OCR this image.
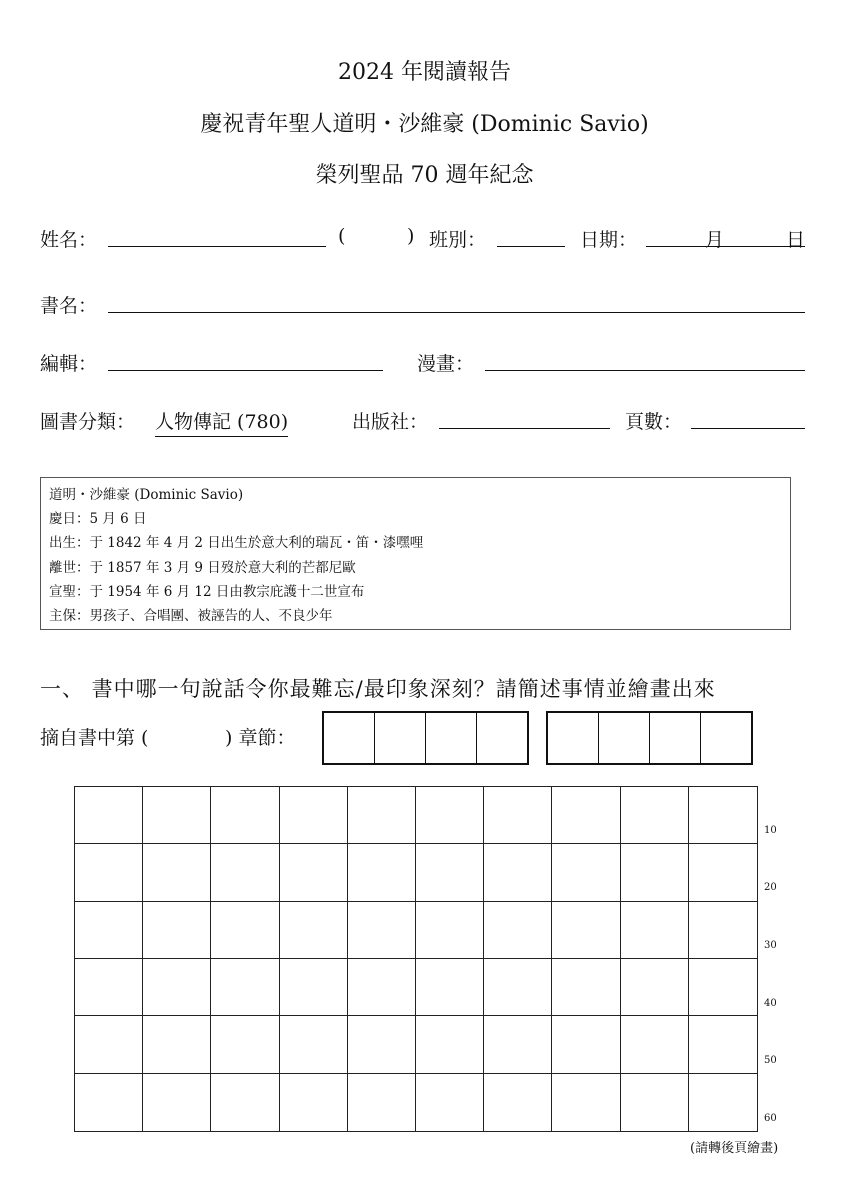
2024 年閱讀報告
慶祝青年聖人道明・沙維豪 (Dominic Savio)
榮列聖品 70 週年紀念
姓名：	(	) 班別：	日期：	月	日
書名：
編輯：	漫畫：
圖書分類： 人物傳記 (780)	出版社：	頁數：
道明・沙維豪 (Dominic Savio)
慶日：5 月 6 日
出生：于 1842 年 4 月 2 日出生於意大利的瑞瓦・笛・漆嘿哩
離世：于 1857 年 3 月 9 日歿於意大利的芒都尼歐
宣聖：于 1954 年 6 月 12 日由教宗庇護十二世宣布
主保：男孩子、合唱團、被誣告的人、不良少年
一、 書中哪一句說話令你最難忘/最印象深刻？請簡述事情並繪畫出來
摘自書中第 (	) 章節：
10
20
30
40
50
60
(請轉後頁繪畫)
